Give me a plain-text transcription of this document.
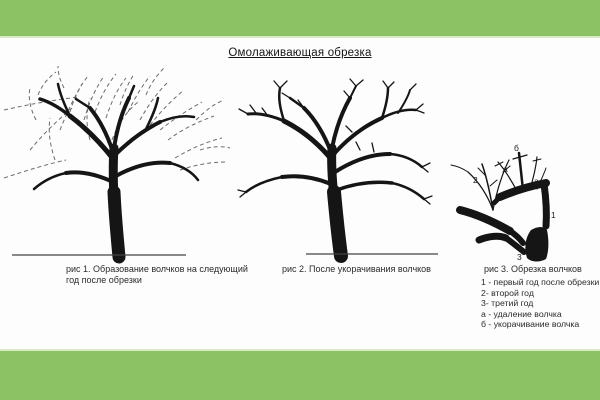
Омолаживающая обрезка
2
1
3
а
а
б
рис 1. Образование волчков на следующий год после обрезки
рис 2. После укорачивания волчков	рис 3. Обрезка волчков
1 - первый год после обрезки
2- второй год
3- третий год
а - удаление волчка
б - укорачивание волчка
